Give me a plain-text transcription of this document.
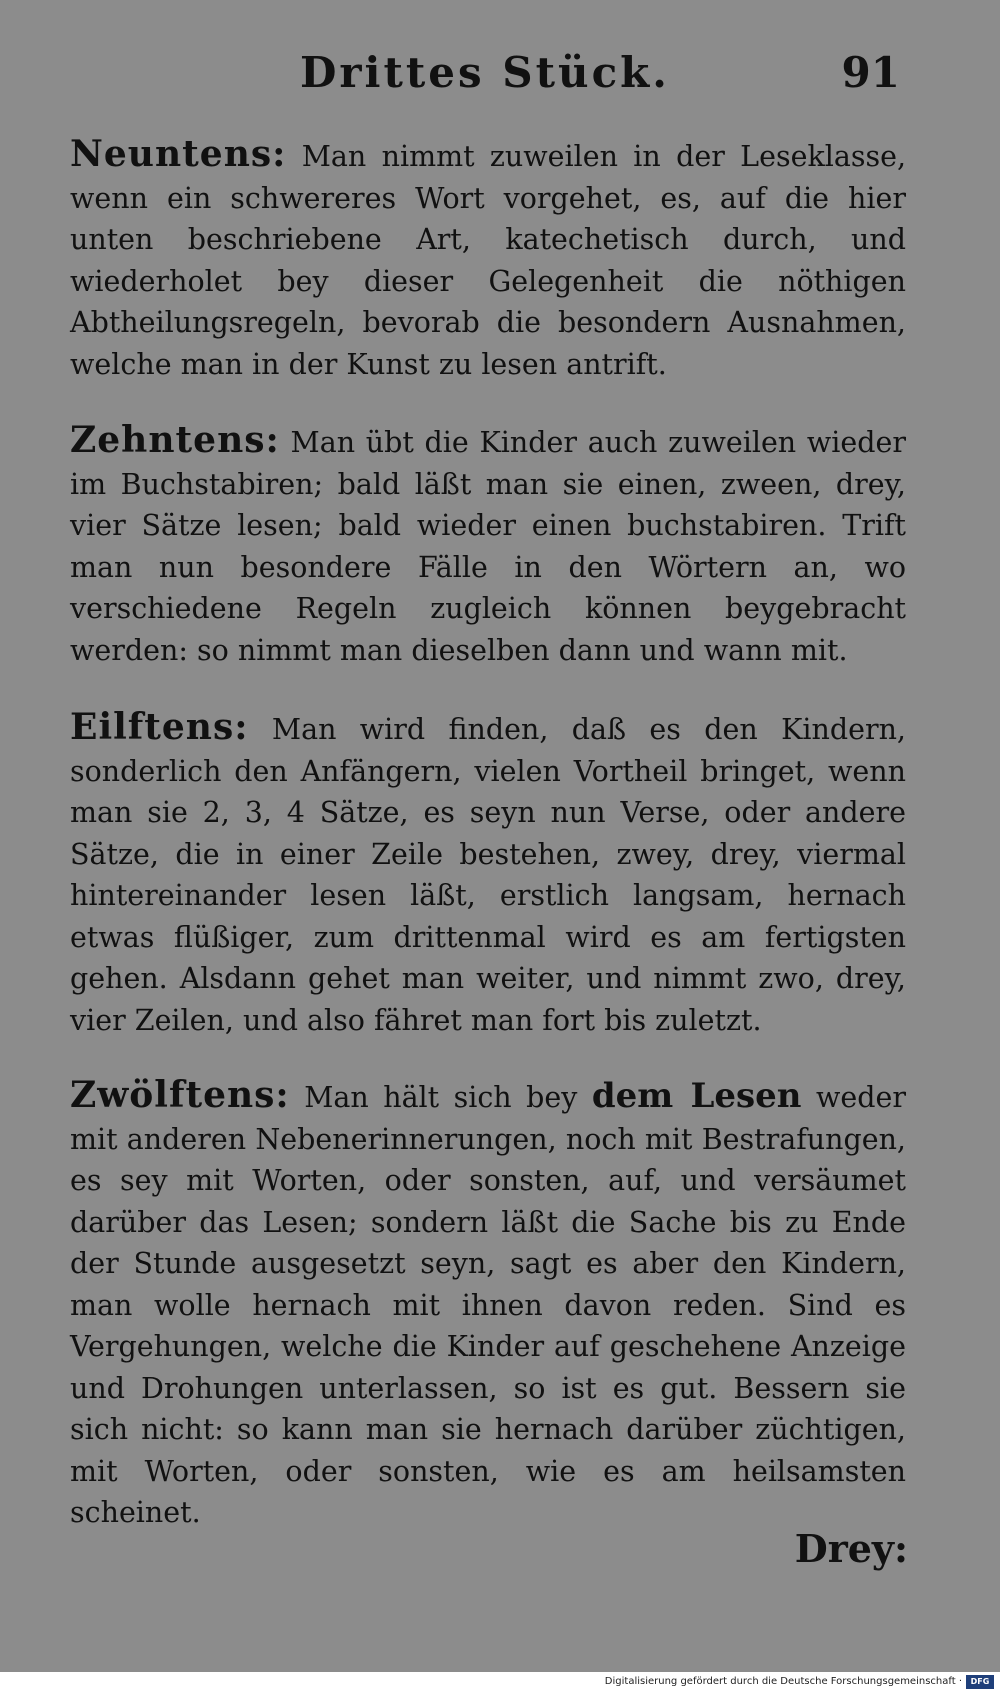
Drittes Stück.	91

Neuntens: Man nimmt zuweilen in der Leseklasse, wenn ein schwereres Wort vorgehet, es, auf die hier unten beschriebene Art, katechetisch durch, und wiederholet bey dieser Gelegenheit die nöthigen Abtheilungsregeln, bevorab die besondern Ausnahmen, welche man in der Kunst zu lesen antrift.

Zehntens: Man übt die Kinder auch zuweilen wieder im Buchstabiren; bald läßt man sie einen, zween, drey, vier Sätze lesen; bald wieder einen buchstabiren. Trift man nun besondere Fälle in den Wörtern an, wo verschiedene Regeln zugleich können beygebracht werden: so nimmt man dieselben dann und wann mit.

Eilftens: Man wird finden, daß es den Kindern, sonderlich den Anfängern, vielen Vortheil bringet, wenn man sie 2, 3, 4 Sätze, es seyn nun Verse, oder andere Sätze, die in einer Zeile bestehen, zwey, drey, viermal hintereinander lesen läßt, erstlich langsam, hernach etwas flüßiger, zum drittenmal wird es am fertigsten gehen. Alsdann gehet man weiter, und nimmt zwo, drey, vier Zeilen, und also fähret man fort bis zuletzt.

Zwölftens: Man hält sich bey dem Lesen weder mit anderen Nebenerinnerungen, noch mit Bestrafungen, es sey mit Worten, oder sonsten, auf, und versäumet darüber das Lesen; sondern läßt die Sache bis zu Ende der Stunde ausgesetzt seyn, sagt es aber den Kindern, man wolle hernach mit ihnen davon reden. Sind es Vergehungen, welche die Kinder auf geschehene Anzeige und Drohungen unterlassen, so ist es gut. Bessern sie sich nicht: so kann man sie hernach darüber züchtigen, mit Worten, oder sonsten, wie es am heilsamsten scheinet.

Drey:
Digitalisierung gefördert durch die Deutsche Forschungsgemeinschaft ·	DFG
